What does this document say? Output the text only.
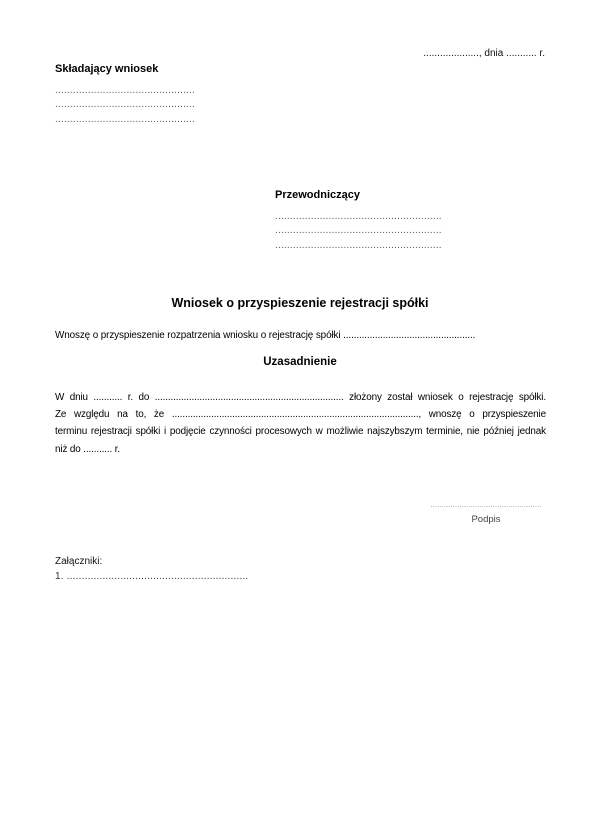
...................., dnia ........... r.
Składający wniosek
...............................................
...............................................
...............................................
Przewodniczący
........................................................
........................................................
........................................................
Wniosek o przyspieszenie rejestracji spółki
Wnoszę o przyspieszenie rozpatrzenia wniosku o rejestrację spółki ..................................................
Uzasadnienie
W dniu ........... r. do ........................................................................ złożony został wniosek o rejestrację spółki.
Ze względu na to, że .............................................................................................., wnoszę o przyspieszenie
terminu rejestracji spółki i podjęcie czynności procesowych w możliwie najszybszym terminie, nie później jednak
niż do ........... r.
..................................................
Podpis
Załączniki:
1. .............................................................
